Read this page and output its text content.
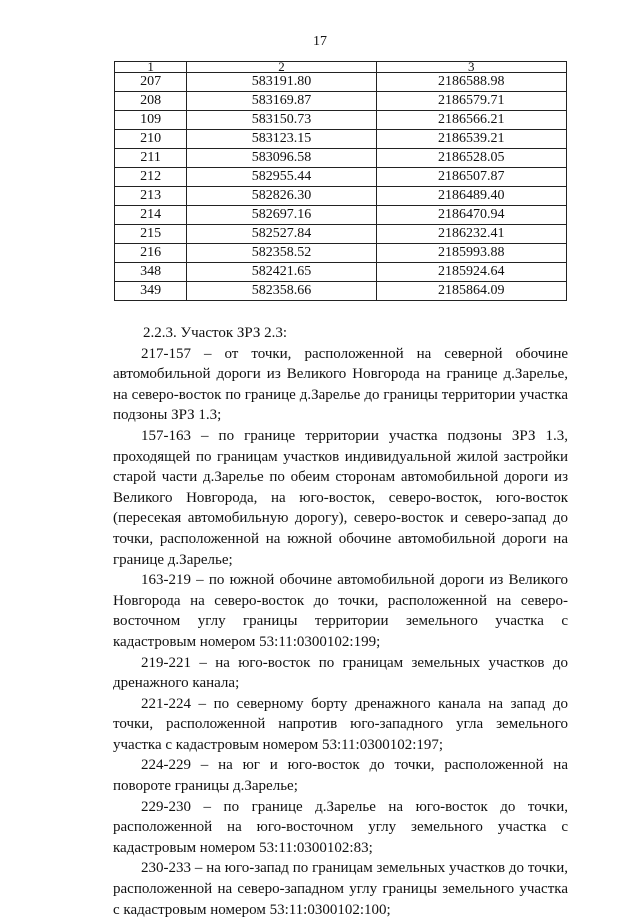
17
1	2	3
207	583191.80	2186588.98
208	583169.87	2186579.71
109	583150.73	2186566.21
210	583123.15	2186539.21
211	583096.58	2186528.05
212	582955.44	2186507.87
213	582826.30	2186489.40
214	582697.16	2186470.94
215	582527.84	2186232.41
216	582358.52	2185993.88
348	582421.65	2185924.64
349	582358.66	2185864.09

2.2.3. Участок ЗРЗ 2.3:

217-157 – от точки, расположенной на северной обочине автомобильной дороги из Великого Новгорода на границе д.Зарелье, на северо-восток по границе д.Зарелье до границы территории участка подзоны ЗРЗ 1.3;

157-163 – по границе территории участка подзоны ЗРЗ 1.3, проходящей по границам участков индивидуальной жилой застройки старой части д.Зарелье по обеим сторонам автомобильной дороги из Великого Новгорода, на юго-восток, северо-восток, юго-восток (пересекая автомобильную дорогу), северо-восток и северо-запад до точки, расположенной на южной обочине автомобильной дороги на границе д.Зарелье;

163-219 – по южной обочине автомобильной дороги из Великого Новгорода на северо-восток до точки, расположенной на северо-восточном углу границы территории земельного участка с кадастровым номером 53:11:0300102:199;

219-221 – на юго-восток по границам земельных участков до дренажного канала;

221-224 – по северному борту дренажного канала на запад до точки, расположенной напротив юго-западного угла земельного участка с кадастровым номером 53:11:0300102:197;

224-229 – на юг и юго-восток до точки, расположенной на повороте границы д.Зарелье;

229-230 – по границе д.Зарелье на юго-восток до точки, расположенной на юго-восточном углу земельного участка с кадастровым номером 53:11:0300102:83;

230-233 – на юго-запад по границам земельных участков до точки, расположенной на северо-западном углу границы земельного участка с кадастровым номером 53:11:0300102:100;
